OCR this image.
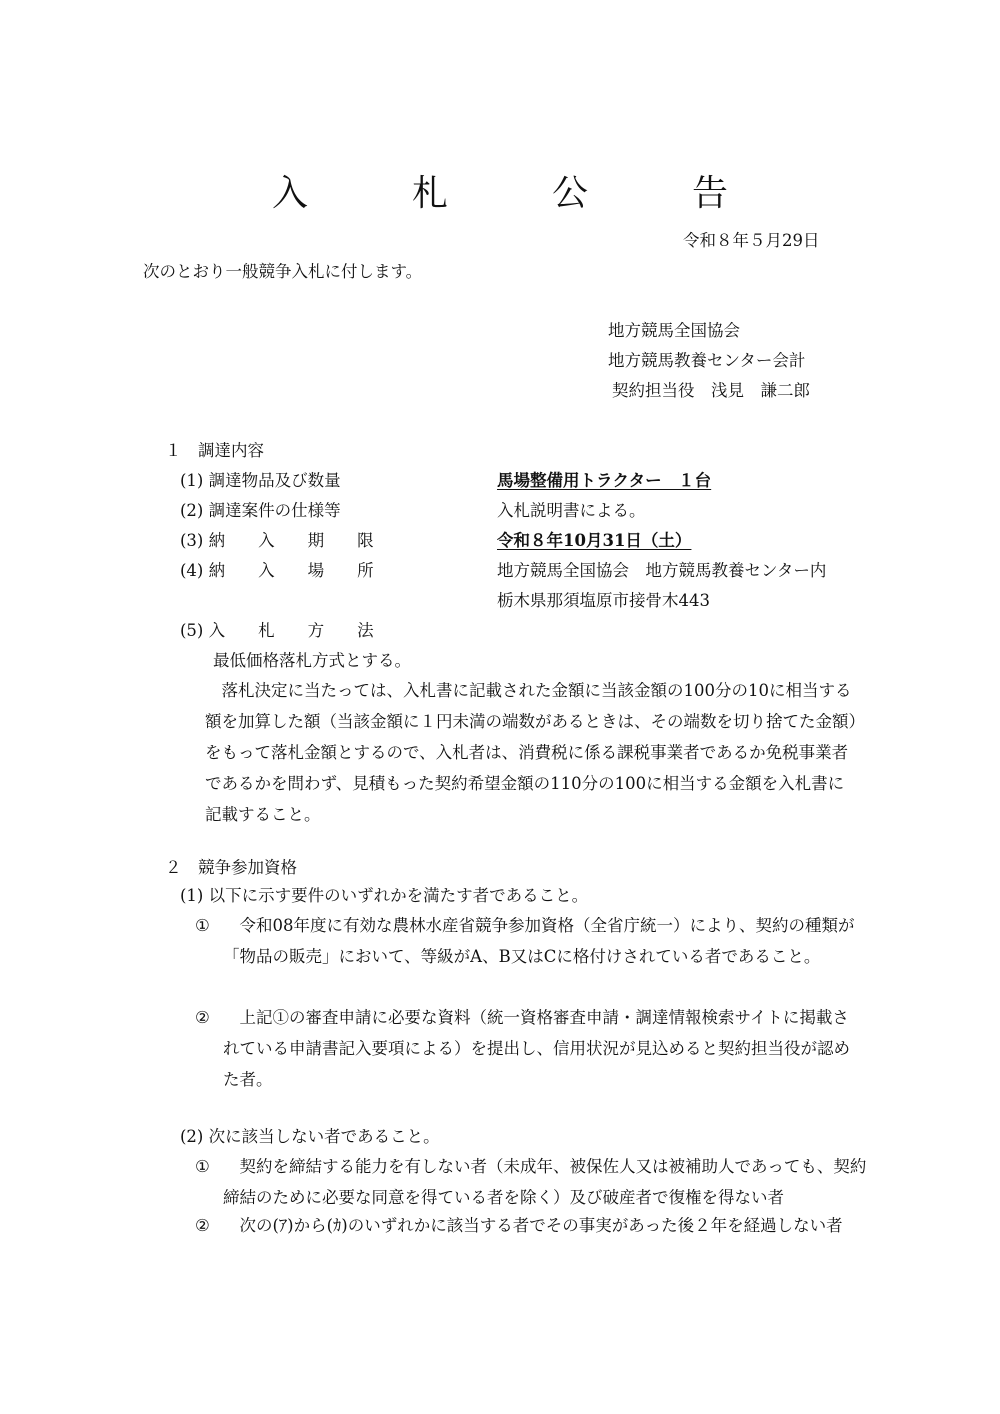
入　札　公　告
令和８年５月29日
次のとおり一般競争入札に付します。
地方競馬全国協会
地方競馬教養センター会計
契約担当役　浅見　謙二郎
１　調達内容
(1) 調達物品及び数量	馬場整備用トラクター　１台
(2) 調達案件の仕様等	入札説明書による。
(3) 納　　入　　期　　限	令和８年10月31日（土）
(4) 納　　入　　場　　所	地方競馬全国協会　地方競馬教養センター内
栃木県那須塩原市接骨木443
(5) 入　　札　　方　　法
最低価格落札方式とする。
落札決定に当たっては、入札書に記載された金額に当該金額の100分の10に相当する額を加算した額（当該金額に１円未満の端数があるときは、その端数を切り捨てた金額）をもって落札金額とするので、入札者は、消費税に係る課税事業者であるか免税事業者であるかを問わず、見積もった契約希望金額の110分の100に相当する金額を入札書に記載すること。
２　競争参加資格
(1) 以下に示す要件のいずれかを満たす者であること。
①	令和08年度に有効な農林水産省競争参加資格（全省庁統一）により、契約の種類が「物品の販売」において、等級がA、B又はCに格付けされている者であること。
②	上記①の審査申請に必要な資料（統一資格審査申請・調達情報検索サイトに掲載されている申請書記入要項による）を提出し、信用状況が見込めると契約担当役が認めた者。
(2) 次に該当しない者であること。
①	契約を締結する能力を有しない者（未成年、被保佐人又は被補助人であっても、契約締結のために必要な同意を得ている者を除く）及び破産者で復権を得ない者
②	次の(ｱ)から(ｶ)のいずれかに該当する者でその事実があった後２年を経過しない者
